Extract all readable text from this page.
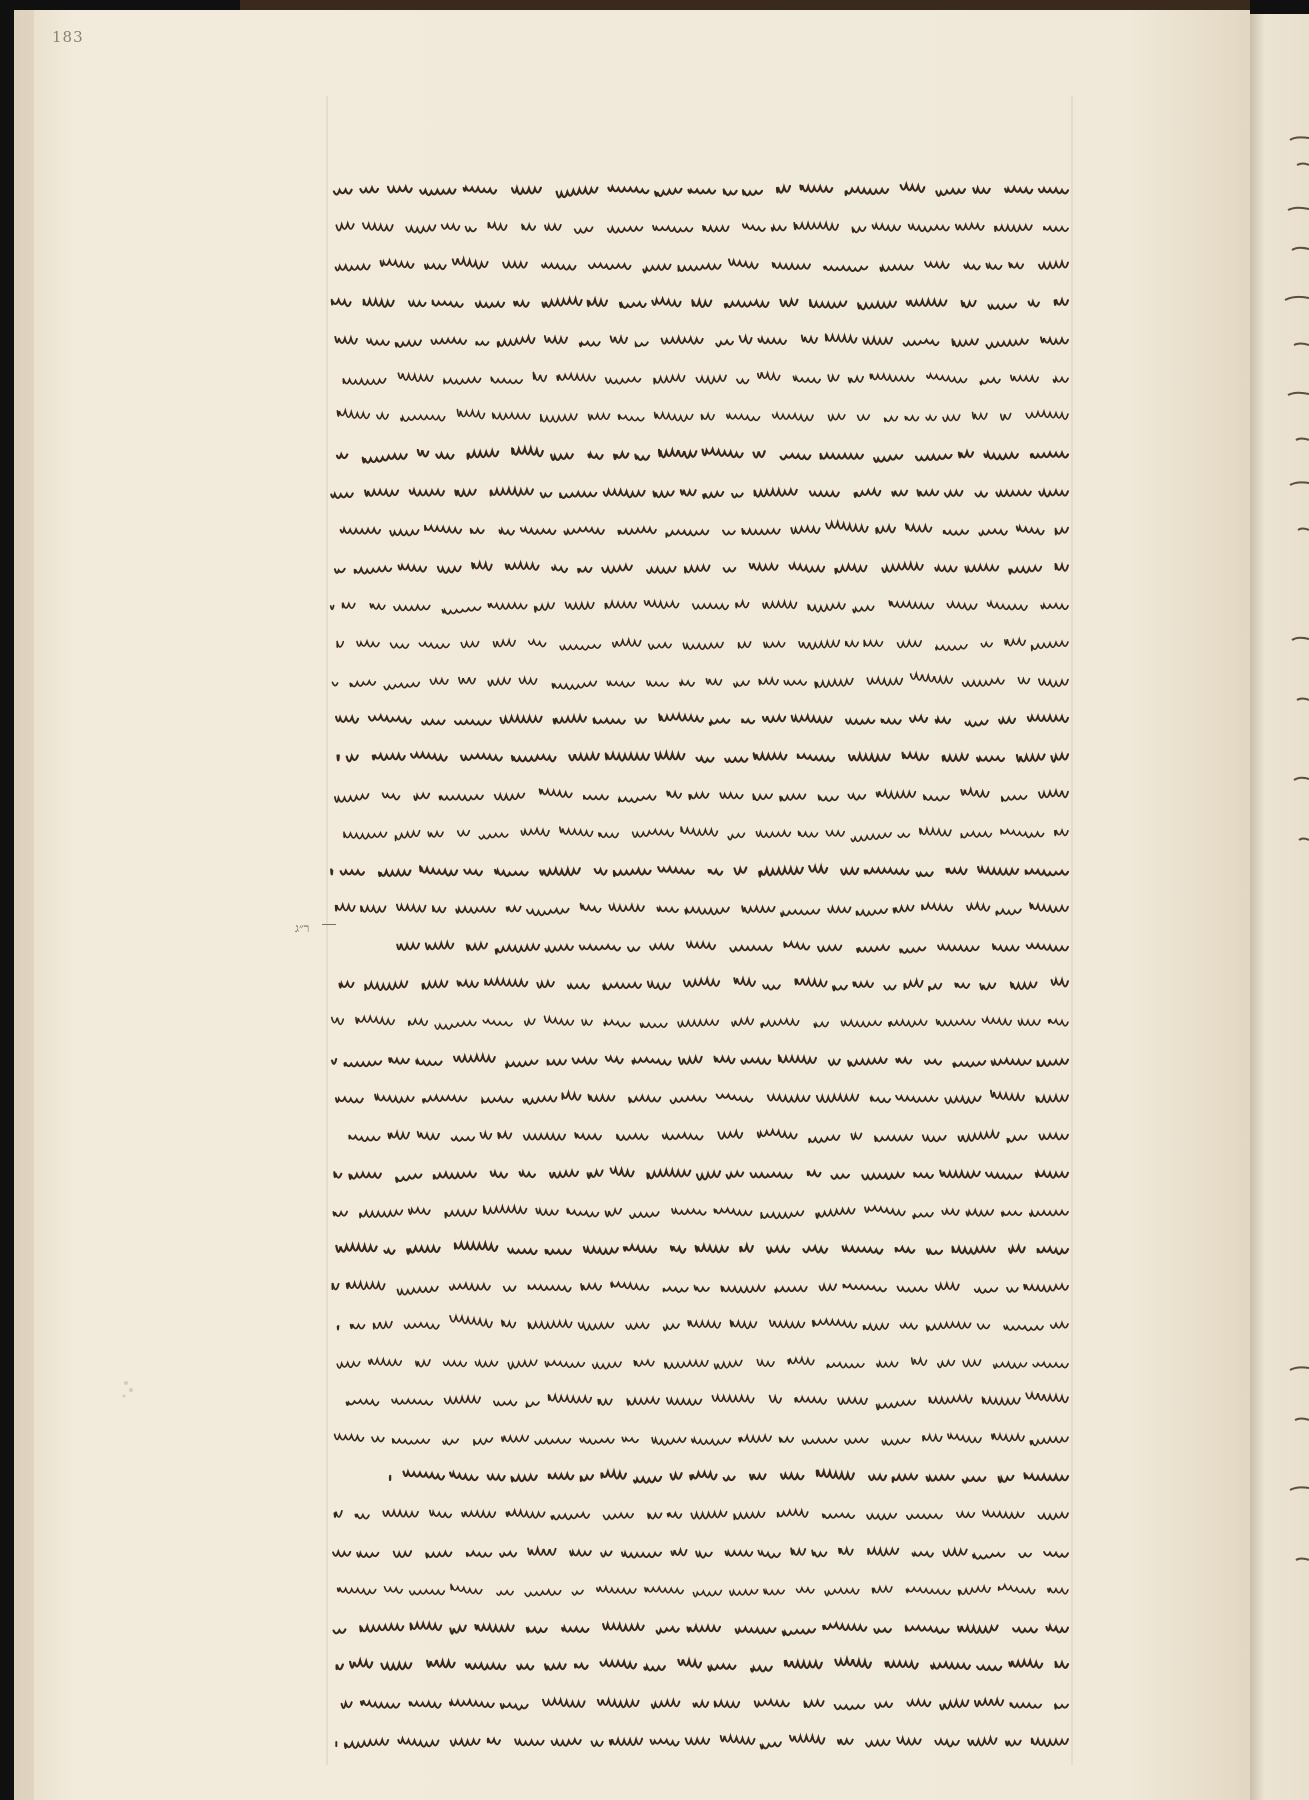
183
ר״ג
